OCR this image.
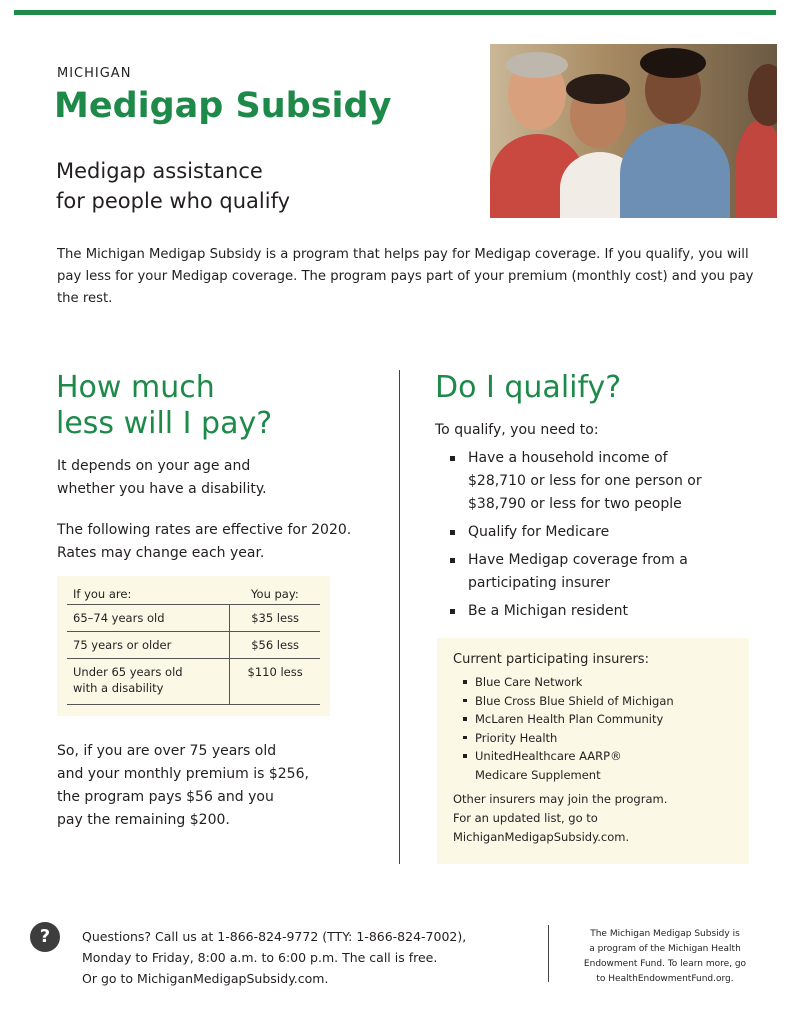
MICHIGAN
Medigap Subsidy
Medigap assistance
for people who qualify
The Michigan Medigap Subsidy is a program that helps pay for Medigap coverage. If you qualify, you will pay less for your Medigap coverage. The program pays part of your premium (monthly cost) and you pay the rest.
How much
less will I pay?
It depends on your age and
whether you have a disability.
The following rates are effective for 2020.
Rates may change each year.
If you are:	You pay:
65–74 years old	$35 less
75 years or older	$56 less

Under 65 years old
with a disability	$110 less
So, if you are over 75 years old
and your monthly premium is $256,
the program pays $56 and you
pay the remaining $200.
Do I qualify?
To qualify, you need to:
Have a household income of
$28,710 or less for one person or
$38,790 or less for two people
Qualify for Medicare
Have Medigap coverage from a
participating insurer
Be a Michigan resident
Current participating insurers:
Blue Care Network
Blue Cross Blue Shield of Michigan
McLaren Health Plan Community
Priority Health
UnitedHealthcare AARP®
Medicare Supplement
Other insurers may join the program.
For an updated list, go to
MichiganMedigapSubsidy.com.
?	Questions? Call us at 1-866-824-9772 (TTY: 1-866-824-7002),
Monday to Friday, 8:00 a.m. to 6:00 p.m. The call is free.
Or go to MichiganMedigapSubsidy.com.
The Michigan Medigap Subsidy is
a program of the Michigan Health
Endowment Fund. To learn more, go
to HealthEndowmentFund.org.
